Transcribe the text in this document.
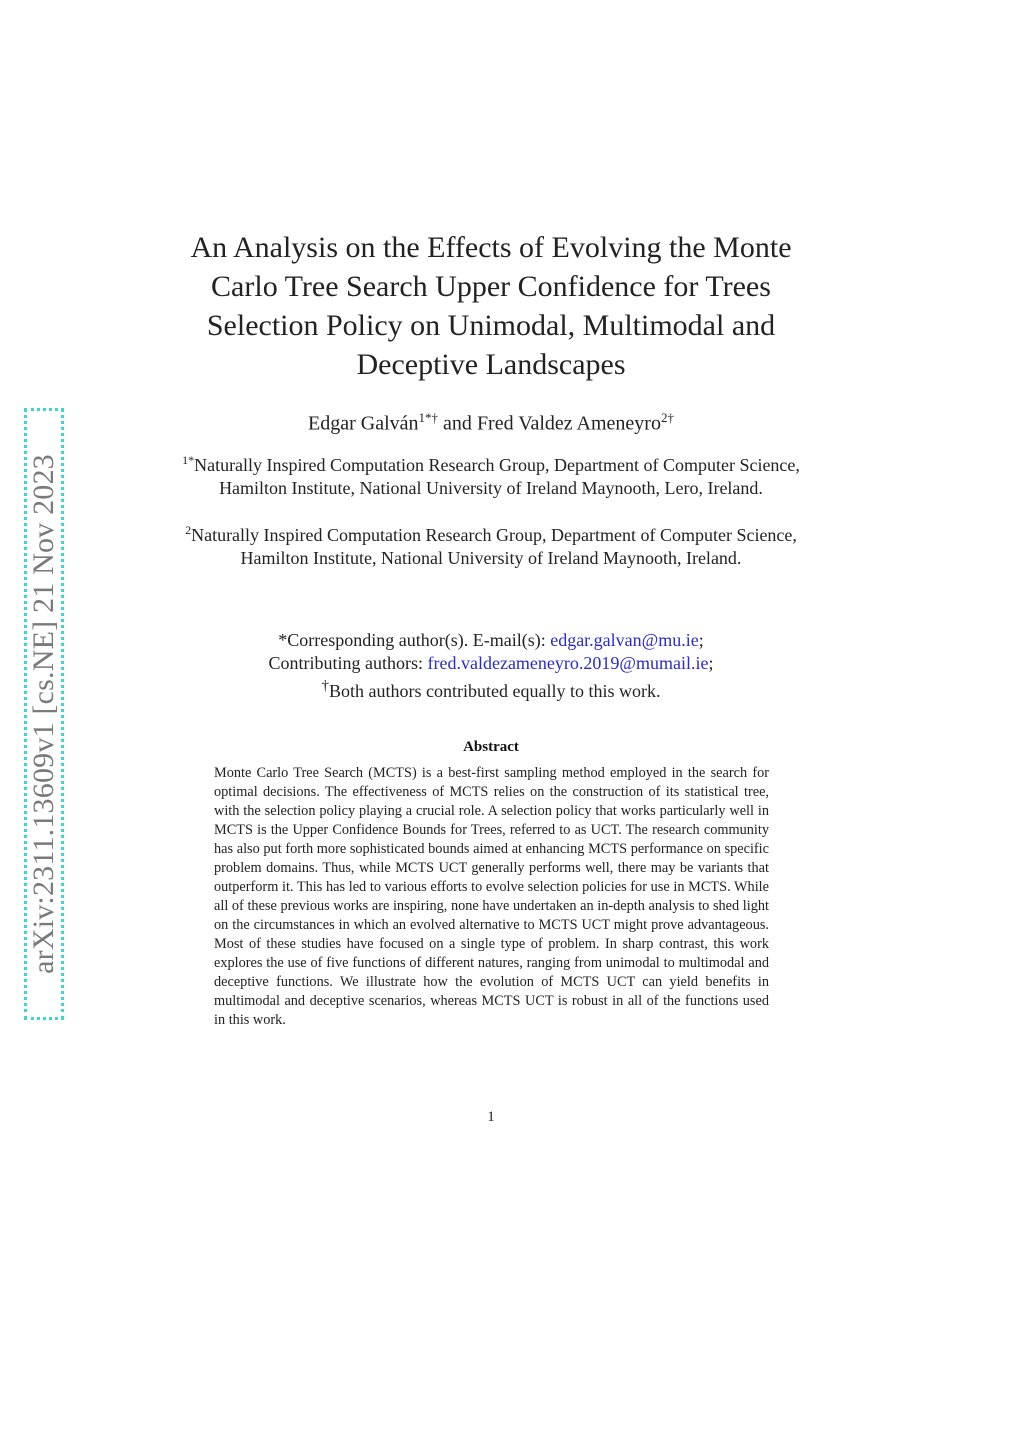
arXiv:2311.13609v1 [cs.NE] 21 Nov 2023
An Analysis on the Effects of Evolving the Monte Carlo Tree Search Upper Confidence for Trees Selection Policy on Unimodal, Multimodal and Deceptive Landscapes
Edgar Galván$^{1*\dagger}$ and Fred Valdez Ameneyro$^{2\dagger}$
$^{1*}$Naturally Inspired Computation Research Group, Department of Computer Science, Hamilton Institute, National University of Ireland Maynooth, Lero, Ireland.
$^2$Naturally Inspired Computation Research Group, Department of Computer Science, Hamilton Institute, National University of Ireland Maynooth, Ireland.
*Corresponding author(s). E-mail(s): edgar.galvan@mu.ie;
Contributing authors: fred.valdezameneyro.2019@mumail.ie;
†Both authors contributed equally to this work.
Abstract

Monte Carlo Tree Search (MCTS) is a best-first sampling method employed in the search for optimal decisions. The effectiveness of MCTS relies on the construction of its statistical tree, with the selection policy playing a crucial role. A selection policy that works particularly well in MCTS is the Upper Confidence Bounds for Trees, referred to as UCT. The research community has also put forth more sophisticated bounds aimed at enhancing MCTS performance on specific problem domains. Thus, while MCTS UCT generally performs well, there may be variants that outperform it. This has led to various efforts to evolve selection policies for use in MCTS. While all of these previous works are inspiring, none have undertaken an in-depth analysis to shed light on the circumstances in which an evolved alternative to MCTS UCT might prove advantageous. Most of these studies have focused on a single type of problem. In sharp contrast, this work explores the use of five functions of different natures, ranging from unimodal to multimodal and deceptive functions. We illustrate how the evolution of MCTS UCT can yield benefits in multimodal and deceptive scenarios, whereas MCTS UCT is robust in all of the functions used in this work.

1
